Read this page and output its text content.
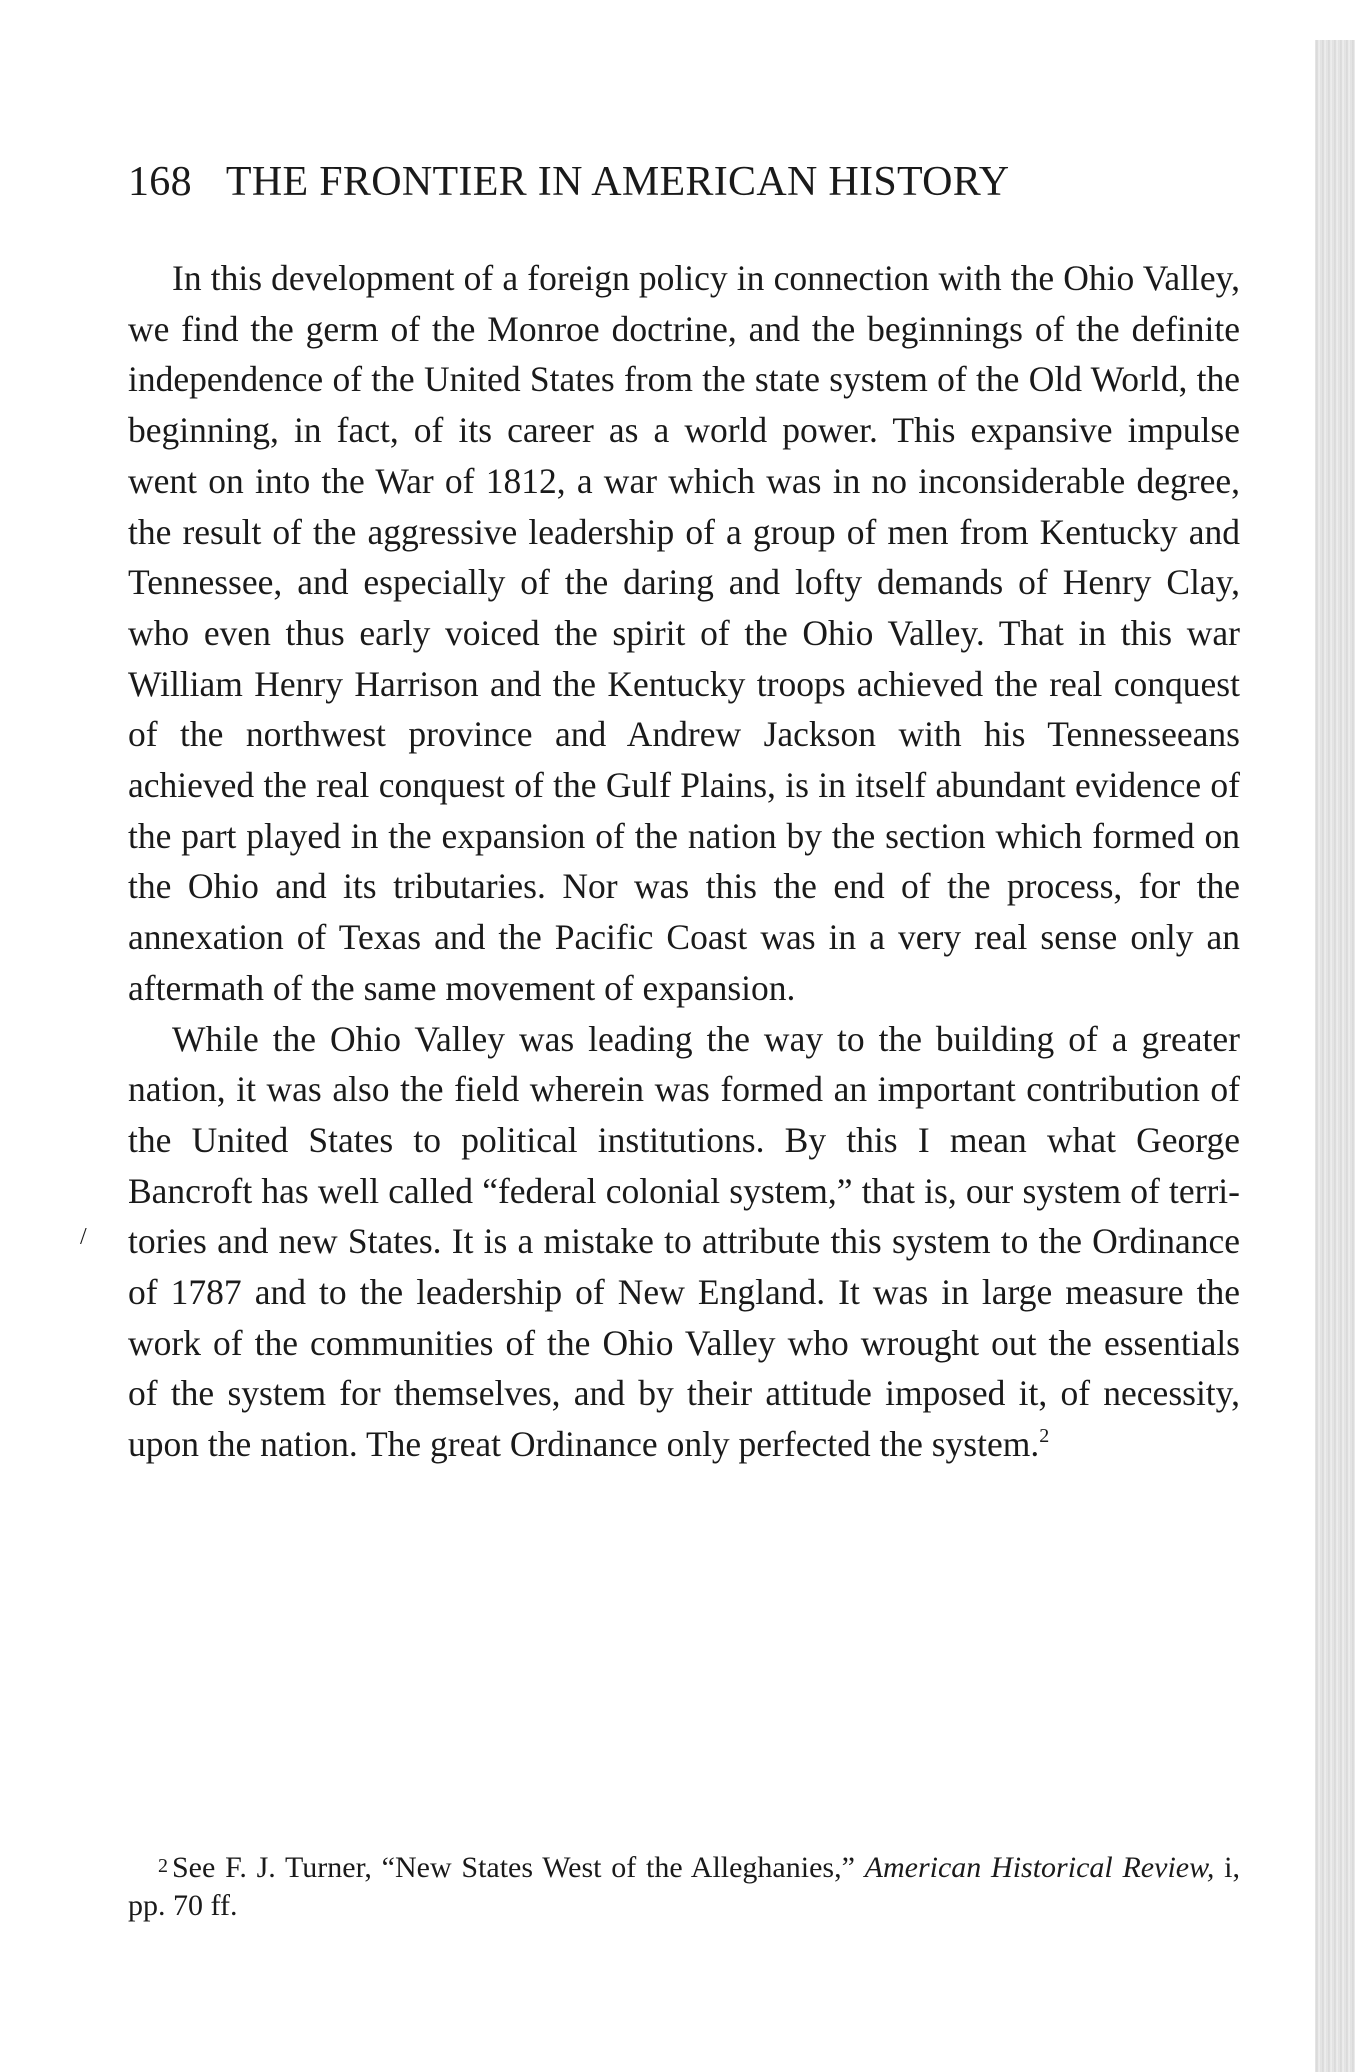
168 THE FRONTIER IN AMERICAN HISTORY
/

In this development of a foreign policy in connection with the Ohio Valley, we find the germ of the Monroe doctrine, and the beginnings of the definite independence of the United States from the state system of the Old World, the beginning, in fact, of its career as a world power. This expansive impulse went on into the War of 1812, a war which was in no inconsiderable degree, the result of the aggressive leadership of a group of men from Kentucky and Tennessee, and especially of the daring and lofty demands of Henry Clay, who even thus early voiced the spirit of the Ohio Valley. That in this war William Henry Harrison and the Kentucky troops achieved the real conquest of the northwest province and Andrew Jackson with his Tennesseeans achieved the real conquest of the Gulf Plains, is in itself abundant evidence of the part played in the expansion of the nation by the section which formed on the Ohio and its tributaries. Nor was this the end of the process, for the annexation of Texas and the Pacific Coast was in a very real sense only an aftermath of the same movement of expansion.

While the Ohio Valley was leading the way to the building of a greater nation, it was also the field wherein was formed an important contribution of the United States to political institutions. By this I mean what George Bancroft has well called “federal colonial system,” that is, our system of territories and new States. It is a mistake to attribute this system to the Ordinance of 1787 and to the leadership of New England. It was in large measure the work of the communities of the Ohio Valley who wrought out the essentials of the system for themselves, and by their attitude imposed it, of necessity, upon the nation. The great Ordinance only perfected the system.$^2$

2 See F. J. Turner, “New States West of the Alleghanies,” American Historical Review, i, pp. 70 ff.
